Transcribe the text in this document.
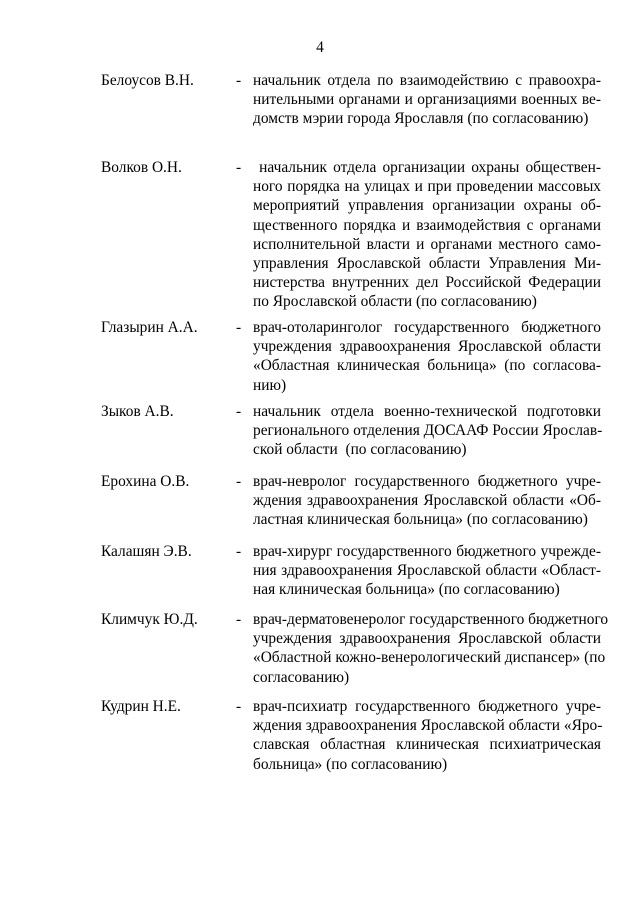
4
Белоусов В.Н.	- начальник отдела по взаимодействию с правоохра-
нительными органами и организациями военных ве-
домств мэрии города Ярославля (по согласованию)
Волков О.Н.	- начальник отдела организации охраны обществен-
ного порядка на улицах и при проведении массовых
мероприятий управления организации охраны об-
щественного порядка и взаимодействия с органами
исполнительной власти и органами местного само-
управления Ярославской области Управления Ми-
нистерства внутренних дел Российской Федерации
по Ярославской области (по согласованию)
Глазырин А.А. - врач-отоларинголог государственного бюджетного
учреждения здравоохранения Ярославской области
«Областная клиническая больница» (по согласова-
нию)
Зыков А.В.	- начальник отдела военно-технической подготовки
регионального отделения ДОСААФ России Ярослав-
ской области  (по согласованию)
Ерохина О.В.	- врач-невролог государственного бюджетного учре-
ждения здравоохранения Ярославской области «Об-
ластная клиническая больница» (по согласованию)
Калашян Э.В.	- врач-хирург государственного бюджетного учрежде-
ния здравоохранения Ярославской области «Област-
ная клиническая больница» (по согласованию)
Климчук Ю.Д. - врач-дерматовенеролог государственного бюджетного
учреждения здравоохранения Ярославской области
«Областной кожно-венерологический диспансер» (по
согласованию)
Кудрин Н.Е.	- врач-психиатр государственного бюджетного учре-
ждения здравоохранения Ярославской области «Яро-
славская областная клиническая психиатрическая
больница» (по согласованию)
